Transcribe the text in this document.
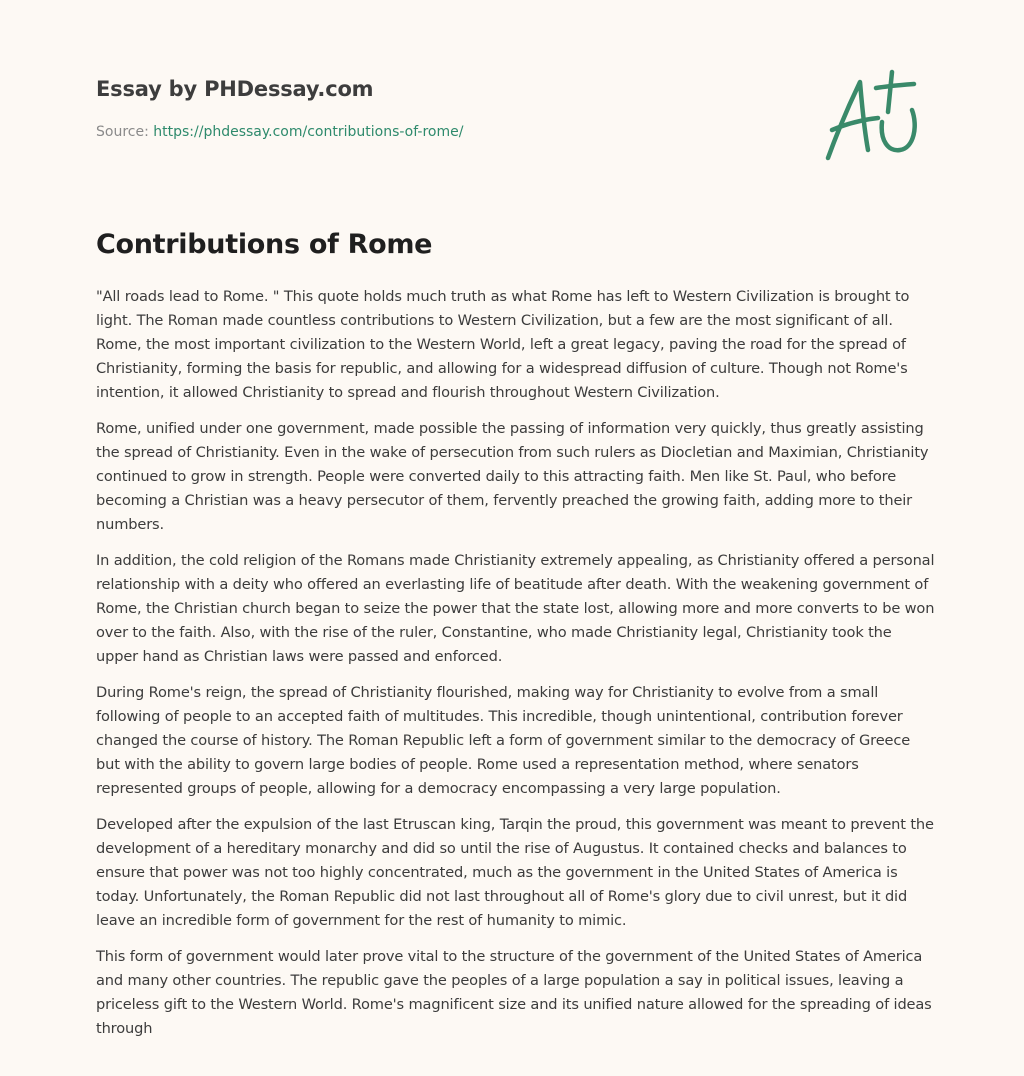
Essay by PHDessay.com
Source: https://phdessay.com/contributions-of-rome/
Contributions of Rome

"All roads lead to Rome. " This quote holds much truth as what Rome has left to Western Civilization is brought to light. The Roman made countless contributions to Western Civilization, but a few are the most significant of all. Rome, the most important civilization to the Western World, left a great legacy, paving the road for the spread of Christianity, forming the basis for republic, and allowing for a widespread diffusion of culture. Though not Rome's intention, it allowed Christianity to spread and flourish throughout Western Civilization.

Rome, unified under one government, made possible the passing of information very quickly, thus greatly assisting the spread of Christianity. Even in the wake of persecution from such rulers as Diocletian and Maximian, Christianity continued to grow in strength. People were converted daily to this attracting faith. Men like St. Paul, who before becoming a Christian was a heavy persecutor of them, fervently preached the growing faith, adding more to their numbers.

In addition, the cold religion of the Romans made Christianity extremely appealing, as Christianity offered a personal relationship with a deity who offered an everlasting life of beatitude after death. With the weakening government of Rome, the Christian church began to seize the power that the state lost, allowing more and more converts to be won over to the faith. Also, with the rise of the ruler, Constantine, who made Christianity legal, Christianity took the upper hand as Christian laws were passed and enforced.

During Rome's reign, the spread of Christianity flourished, making way for Christianity to evolve from a small following of people to an accepted faith of multitudes. This incredible, though unintentional, contribution forever changed the course of history. The Roman Republic left a form of government similar to the democracy of Greece but with the ability to govern large bodies of people. Rome used a representation method, where senators represented groups of people, allowing for a democracy encompassing a very large population.

Developed after the expulsion of the last Etruscan king, Tarqin the proud, this government was meant to prevent the development of a hereditary monarchy and did so until the rise of Augustus. It contained checks and balances to ensure that power was not too highly concentrated, much as the government in the United States of America is today. Unfortunately, the Roman Republic did not last throughout all of Rome's glory due to civil unrest, but it did leave an incredible form of government for the rest of humanity to mimic.

This form of government would later prove vital to the structure of the government of the United States of America and many other countries. The republic gave the peoples of a large population a say in political issues, leaving a priceless gift to the Western World. Rome's magnificent size and its unified nature allowed for the spreading of ideas through
